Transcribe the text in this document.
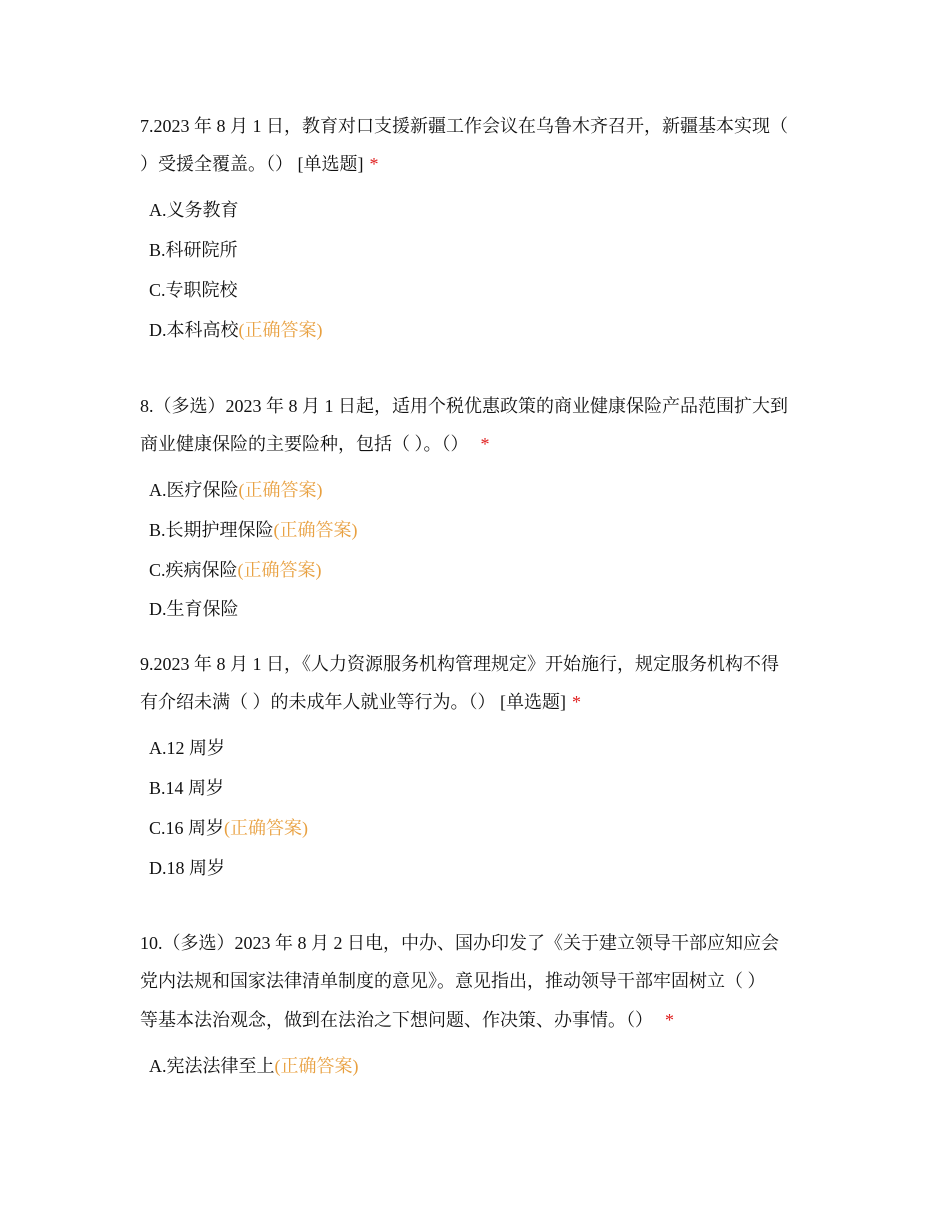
7.2023 年 8 月 1 日，教育对口支援新疆工作会议在乌鲁木齐召开，新疆基本实现（
）受援全覆盖。（） [单选题] *
A.义务教育
B.科研院所
C.专职院校
D.本科高校(正确答案)
8.（多选）2023 年 8 月 1 日起，适用个税优惠政策的商业健康保险产品范围扩大到
商业健康保险的主要险种，包括（ ）。（） *
A.医疗保险(正确答案)
B.长期护理保险(正确答案)
C.疾病保险(正确答案)
D.生育保险
9.2023 年 8 月 1 日，《人力资源服务机构管理规定》开始施行，规定服务机构不得
有介绍未满（ ）的未成年人就业等行为。（） [单选题] *
A.12 周岁
B.14 周岁
C.16 周岁(正确答案)
D.18 周岁
10.（多选）2023 年 8 月 2 日电，中办、国办印发了《关于建立领导干部应知应会
党内法规和国家法律清单制度的意见》。意见指出，推动领导干部牢固树立（ ）
等基本法治观念，做到在法治之下想问题、作决策、办事情。（） *
A.宪法法律至上(正确答案)
